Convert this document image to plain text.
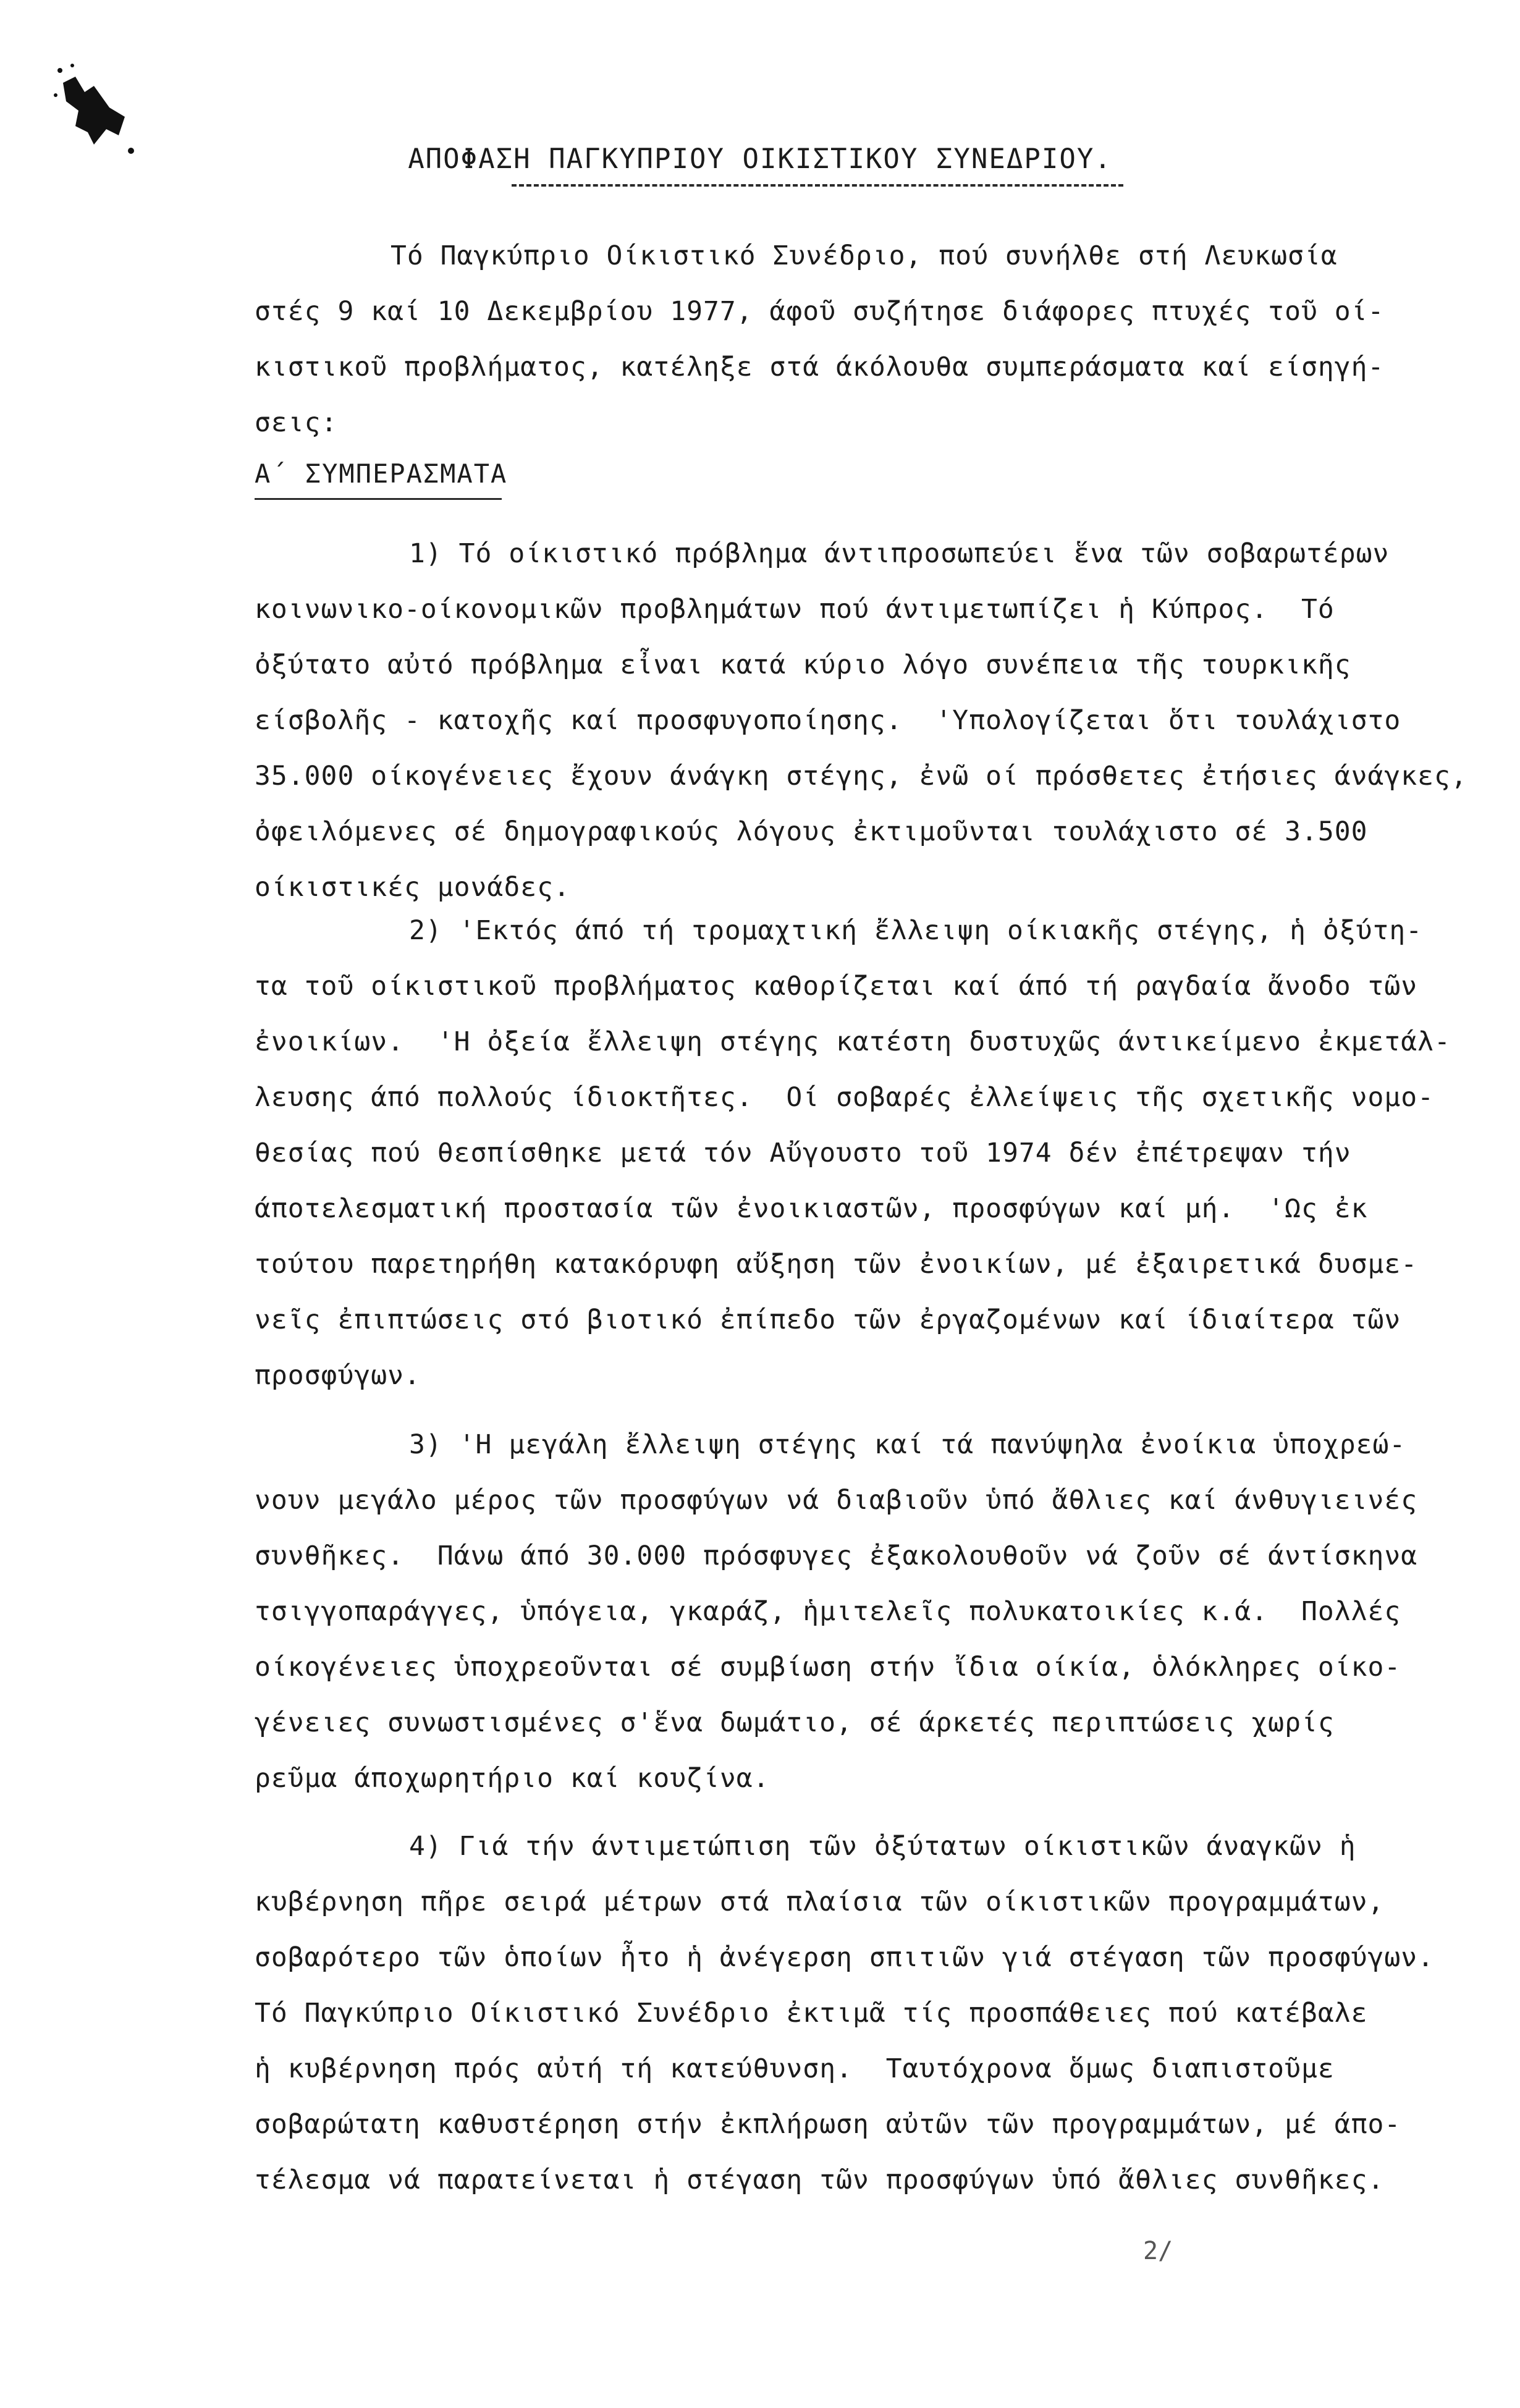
ΑΠΟΦΑΣΗ ΠΑΓΚΥΠΡΙΟΥ ΟΙΚΙΣΤΙΚΟΥ ΣΥΝΕΔΡΙΟΥ.
Τό Παγκύπριο Οίκιστικό Συνέδριο, πού συνήλθε στή Λευκωσία
στές 9 καί 10 Δεκεμβρίου 1977, άφοῦ συζήτησε διάφορες πτυχές τοῦ οί-
κιστικοῦ προβλήματος, κατέληξε στά άκόλουθα συμπεράσματα καί είσηγή-
σεις:
Α΄ ΣΥΜΠΕΡΑΣΜΑΤΑ
1) Τό οίκιστικό πρόβλημα άντιπροσωπεύει ἕνα τῶν σοβαρωτέρων
κοινωνικο-οίκονομικῶν προβλημάτων πού άντιμετωπίζει ἡ Κύπρος.  Τό
ὀξύτατο αὐτό πρόβλημα εἶναι κατά κύριο λόγο συνέπεια τῆς τουρκικῆς
είσβολῆς - κατοχῆς καί προσφυγοποίησης.  'Υπολογίζεται ὅτι τουλάχιστο
35.000 οίκογένειες ἔχουν άνάγκη στέγης, ἐνῶ οί πρόσθετες ἐτήσιες άνάγκες,
ὀφειλόμενες σέ δημογραφικούς λόγους ἐκτιμοῦνται τουλάχιστο σέ 3.500
οίκιστικές μονάδες.
2) 'Εκτός άπό τή τρομαχτική ἔλλειψη οίκιακῆς στέγης, ἡ ὀξύτη-
τα τοῦ οίκιστικοῦ προβλήματος καθορίζεται καί άπό τή ραγδαία ἄνοδο τῶν
ἐνοικίων.  'Η ὀξεία ἔλλειψη στέγης κατέστη δυστυχῶς άντικείμενο ἐκμετάλ-
λευσης άπό πολλούς ίδιοκτῆτες.  Οί σοβαρές ἐλλείψεις τῆς σχετικῆς νομο-
θεσίας πού θεσπίσθηκε μετά τόν Αὔγουστο τοῦ 1974 δέν ἐπέτρεψαν τήν
άποτελεσματική προστασία τῶν ἐνοικιαστῶν, προσφύγων καί μή.  'Ως ἐκ
τούτου παρετηρήθη κατακόρυφη αὔξηση τῶν ἐνοικίων, μέ ἐξαιρετικά δυσμε-
νεῖς ἐπιπτώσεις στό βιοτικό ἐπίπεδο τῶν ἐργαζομένων καί ίδιαίτερα τῶν
προσφύγων.
3) 'Η μεγάλη ἔλλειψη στέγης καί τά πανύψηλα ἐνοίκια ὑποχρεώ-
νουν μεγάλο μέρος τῶν προσφύγων νά διαβιοῦν ὑπό ἄθλιες καί άνθυγιεινές
συνθῆκες.  Πάνω άπό 30.000 πρόσφυγες ἐξακολουθοῦν νά ζοῦν σέ άντίσκηνα
τσιγγοπαράγγες, ὑπόγεια, γκαράζ, ἡμιτελεῖς πολυκατοικίες κ.ά.  Πολλές
οίκογένειες ὑποχρεοῦνται σέ συμβίωση στήν ἴδια οίκία, ὁλόκληρες οίκο-
γένειες συνωστισμένες σ'ἕνα δωμάτιο, σέ άρκετές περιπτώσεις χωρίς
ρεῦμα άποχωρητήριο καί κουζίνα.
4) Γιά τήν άντιμετώπιση τῶν ὀξύτατων οίκιστικῶν άναγκῶν ἡ
κυβέρνηση πῆρε σειρά μέτρων στά πλαίσια τῶν οίκιστικῶν προγραμμάτων,
σοβαρότερο τῶν ὁποίων ἦτο ἡ ἀνέγερση σπιτιῶν γιά στέγαση τῶν προσφύγων.
Τό Παγκύπριο Οίκιστικό Συνέδριο ἐκτιμᾶ τίς προσπάθειες πού κατέβαλε
ἡ κυβέρνηση πρός αὐτή τή κατεύθυνση.  Ταυτόχρονα ὅμως διαπιστοῦμε
σοβαρώτατη καθυστέρηση στήν ἐκπλήρωση αὐτῶν τῶν προγραμμάτων, μέ άπο-
τέλεσμα νά παρατείνεται ἡ στέγαση τῶν προσφύγων ὑπό ἄθλιες συνθῆκες.
2/
